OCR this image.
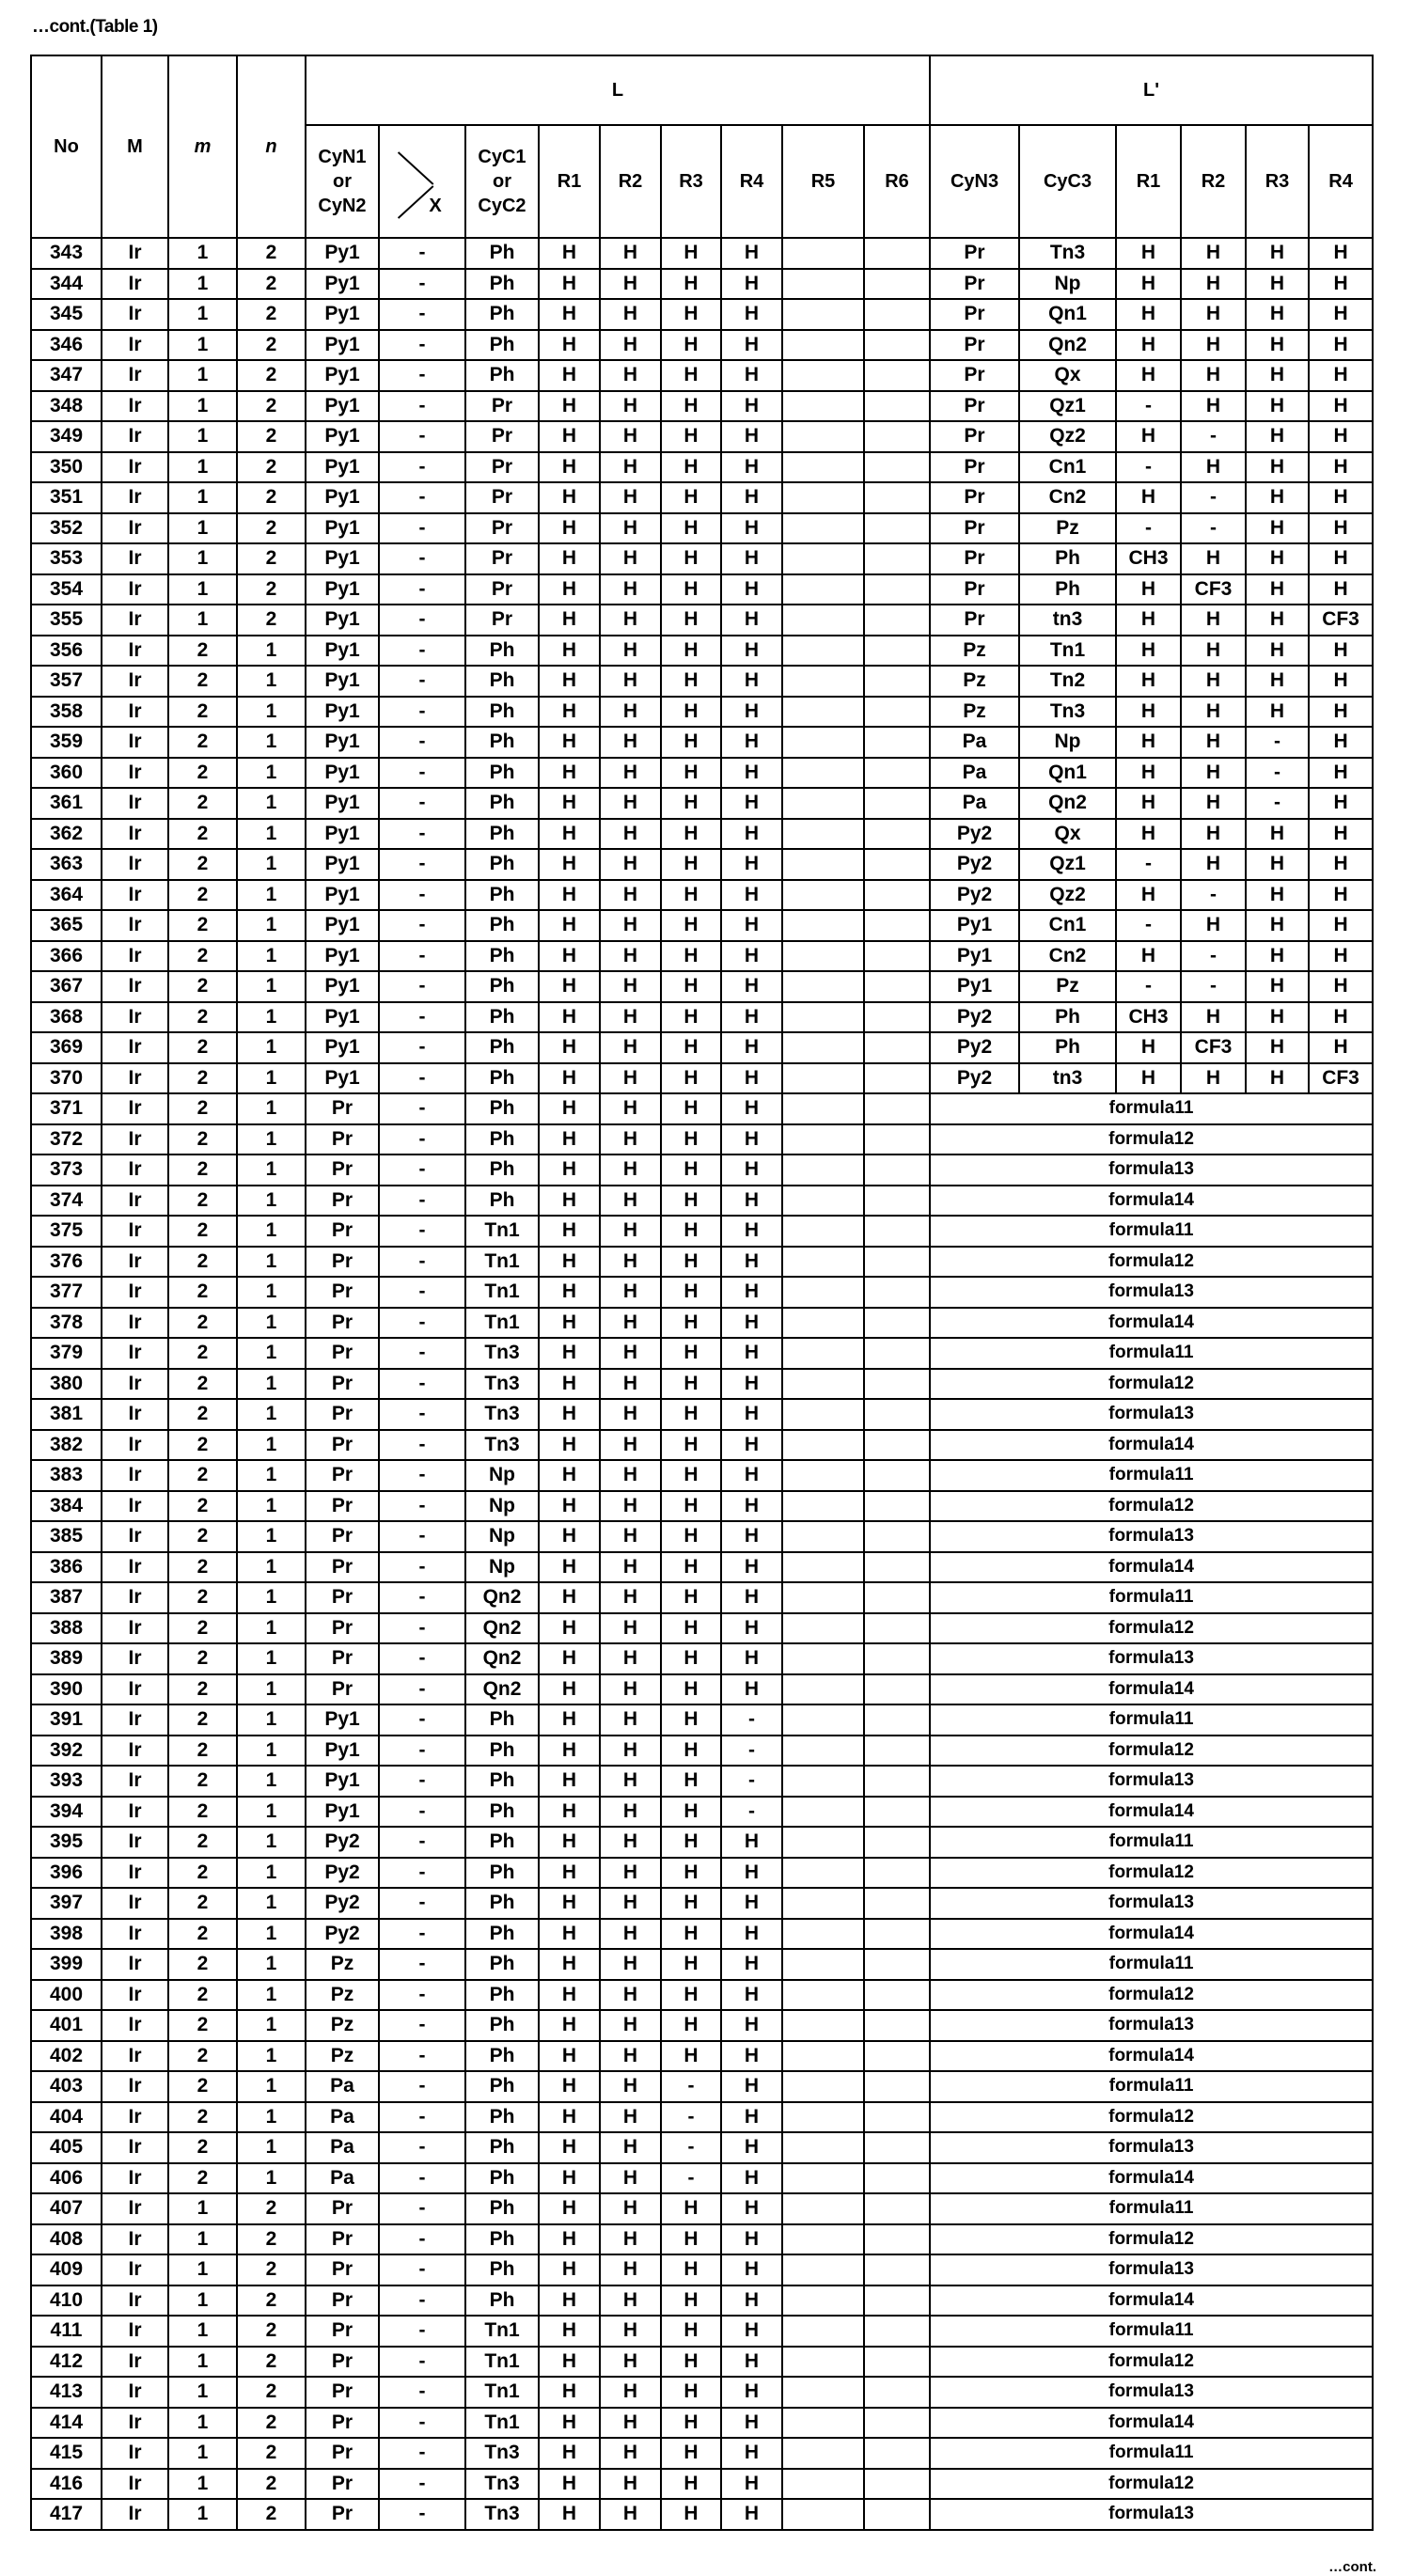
…cont.(Table 1)
No	M	m	n	L	L'
CyN1
or
CyN2	X
	CyC1
or
CyC2	R1	R2	R3	R4	R5	R6	CyN3	CyC3	R1	R2	R3	R4
343	Ir	1	2	Py1	-	Ph	H	H	H	H			Pr	Tn3	H	H	H	H
344	Ir	1	2	Py1	-	Ph	H	H	H	H			Pr	Np	H	H	H	H
345	Ir	1	2	Py1	-	Ph	H	H	H	H			Pr	Qn1	H	H	H	H
346	Ir	1	2	Py1	-	Ph	H	H	H	H			Pr	Qn2	H	H	H	H
347	Ir	1	2	Py1	-	Ph	H	H	H	H			Pr	Qx	H	H	H	H
348	Ir	1	2	Py1	-	Pr	H	H	H	H			Pr	Qz1	-	H	H	H
349	Ir	1	2	Py1	-	Pr	H	H	H	H			Pr	Qz2	H	-	H	H
350	Ir	1	2	Py1	-	Pr	H	H	H	H			Pr	Cn1	-	H	H	H
351	Ir	1	2	Py1	-	Pr	H	H	H	H			Pr	Cn2	H	-	H	H
352	Ir	1	2	Py1	-	Pr	H	H	H	H			Pr	Pz	-	-	H	H
353	Ir	1	2	Py1	-	Pr	H	H	H	H			Pr	Ph	CH3	H	H	H
354	Ir	1	2	Py1	-	Pr	H	H	H	H			Pr	Ph	H	CF3	H	H
355	Ir	1	2	Py1	-	Pr	H	H	H	H			Pr	tn3	H	H	H	CF3
356	Ir	2	1	Py1	-	Ph	H	H	H	H			Pz	Tn1	H	H	H	H
357	Ir	2	1	Py1	-	Ph	H	H	H	H			Pz	Tn2	H	H	H	H
358	Ir	2	1	Py1	-	Ph	H	H	H	H			Pz	Tn3	H	H	H	H
359	Ir	2	1	Py1	-	Ph	H	H	H	H			Pa	Np	H	H	-	H
360	Ir	2	1	Py1	-	Ph	H	H	H	H			Pa	Qn1	H	H	-	H
361	Ir	2	1	Py1	-	Ph	H	H	H	H			Pa	Qn2	H	H	-	H
362	Ir	2	1	Py1	-	Ph	H	H	H	H			Py2	Qx	H	H	H	H
363	Ir	2	1	Py1	-	Ph	H	H	H	H			Py2	Qz1	-	H	H	H
364	Ir	2	1	Py1	-	Ph	H	H	H	H			Py2	Qz2	H	-	H	H
365	Ir	2	1	Py1	-	Ph	H	H	H	H			Py1	Cn1	-	H	H	H
366	Ir	2	1	Py1	-	Ph	H	H	H	H			Py1	Cn2	H	-	H	H
367	Ir	2	1	Py1	-	Ph	H	H	H	H			Py1	Pz	-	-	H	H
368	Ir	2	1	Py1	-	Ph	H	H	H	H			Py2	Ph	CH3	H	H	H
369	Ir	2	1	Py1	-	Ph	H	H	H	H			Py2	Ph	H	CF3	H	H
370	Ir	2	1	Py1	-	Ph	H	H	H	H			Py2	tn3	H	H	H	CF3
371	Ir	2	1	Pr	-	Ph	H	H	H	H			formula11
372	Ir	2	1	Pr	-	Ph	H	H	H	H			formula12
373	Ir	2	1	Pr	-	Ph	H	H	H	H			formula13
374	Ir	2	1	Pr	-	Ph	H	H	H	H			formula14
375	Ir	2	1	Pr	-	Tn1	H	H	H	H			formula11
376	Ir	2	1	Pr	-	Tn1	H	H	H	H			formula12
377	Ir	2	1	Pr	-	Tn1	H	H	H	H			formula13
378	Ir	2	1	Pr	-	Tn1	H	H	H	H			formula14
379	Ir	2	1	Pr	-	Tn3	H	H	H	H			formula11
380	Ir	2	1	Pr	-	Tn3	H	H	H	H			formula12
381	Ir	2	1	Pr	-	Tn3	H	H	H	H			formula13
382	Ir	2	1	Pr	-	Tn3	H	H	H	H			formula14
383	Ir	2	1	Pr	-	Np	H	H	H	H			formula11
384	Ir	2	1	Pr	-	Np	H	H	H	H			formula12
385	Ir	2	1	Pr	-	Np	H	H	H	H			formula13
386	Ir	2	1	Pr	-	Np	H	H	H	H			formula14
387	Ir	2	1	Pr	-	Qn2	H	H	H	H			formula11
388	Ir	2	1	Pr	-	Qn2	H	H	H	H			formula12
389	Ir	2	1	Pr	-	Qn2	H	H	H	H			formula13
390	Ir	2	1	Pr	-	Qn2	H	H	H	H			formula14
391	Ir	2	1	Py1	-	Ph	H	H	H	-			formula11
392	Ir	2	1	Py1	-	Ph	H	H	H	-			formula12
393	Ir	2	1	Py1	-	Ph	H	H	H	-			formula13
394	Ir	2	1	Py1	-	Ph	H	H	H	-			formula14
395	Ir	2	1	Py2	-	Ph	H	H	H	H			formula11
396	Ir	2	1	Py2	-	Ph	H	H	H	H			formula12
397	Ir	2	1	Py2	-	Ph	H	H	H	H			formula13
398	Ir	2	1	Py2	-	Ph	H	H	H	H			formula14
399	Ir	2	1	Pz	-	Ph	H	H	H	H			formula11
400	Ir	2	1	Pz	-	Ph	H	H	H	H			formula12
401	Ir	2	1	Pz	-	Ph	H	H	H	H			formula13
402	Ir	2	1	Pz	-	Ph	H	H	H	H			formula14
403	Ir	2	1	Pa	-	Ph	H	H	-	H			formula11
404	Ir	2	1	Pa	-	Ph	H	H	-	H			formula12
405	Ir	2	1	Pa	-	Ph	H	H	-	H			formula13
406	Ir	2	1	Pa	-	Ph	H	H	-	H			formula14
407	Ir	1	2	Pr	-	Ph	H	H	H	H			formula11
408	Ir	1	2	Pr	-	Ph	H	H	H	H			formula12
409	Ir	1	2	Pr	-	Ph	H	H	H	H			formula13
410	Ir	1	2	Pr	-	Ph	H	H	H	H			formula14
411	Ir	1	2	Pr	-	Tn1	H	H	H	H			formula11
412	Ir	1	2	Pr	-	Tn1	H	H	H	H			formula12
413	Ir	1	2	Pr	-	Tn1	H	H	H	H			formula13
414	Ir	1	2	Pr	-	Tn1	H	H	H	H			formula14
415	Ir	1	2	Pr	-	Tn3	H	H	H	H			formula11
416	Ir	1	2	Pr	-	Tn3	H	H	H	H			formula12
417	Ir	1	2	Pr	-	Tn3	H	H	H	H			formula13
…cont.
